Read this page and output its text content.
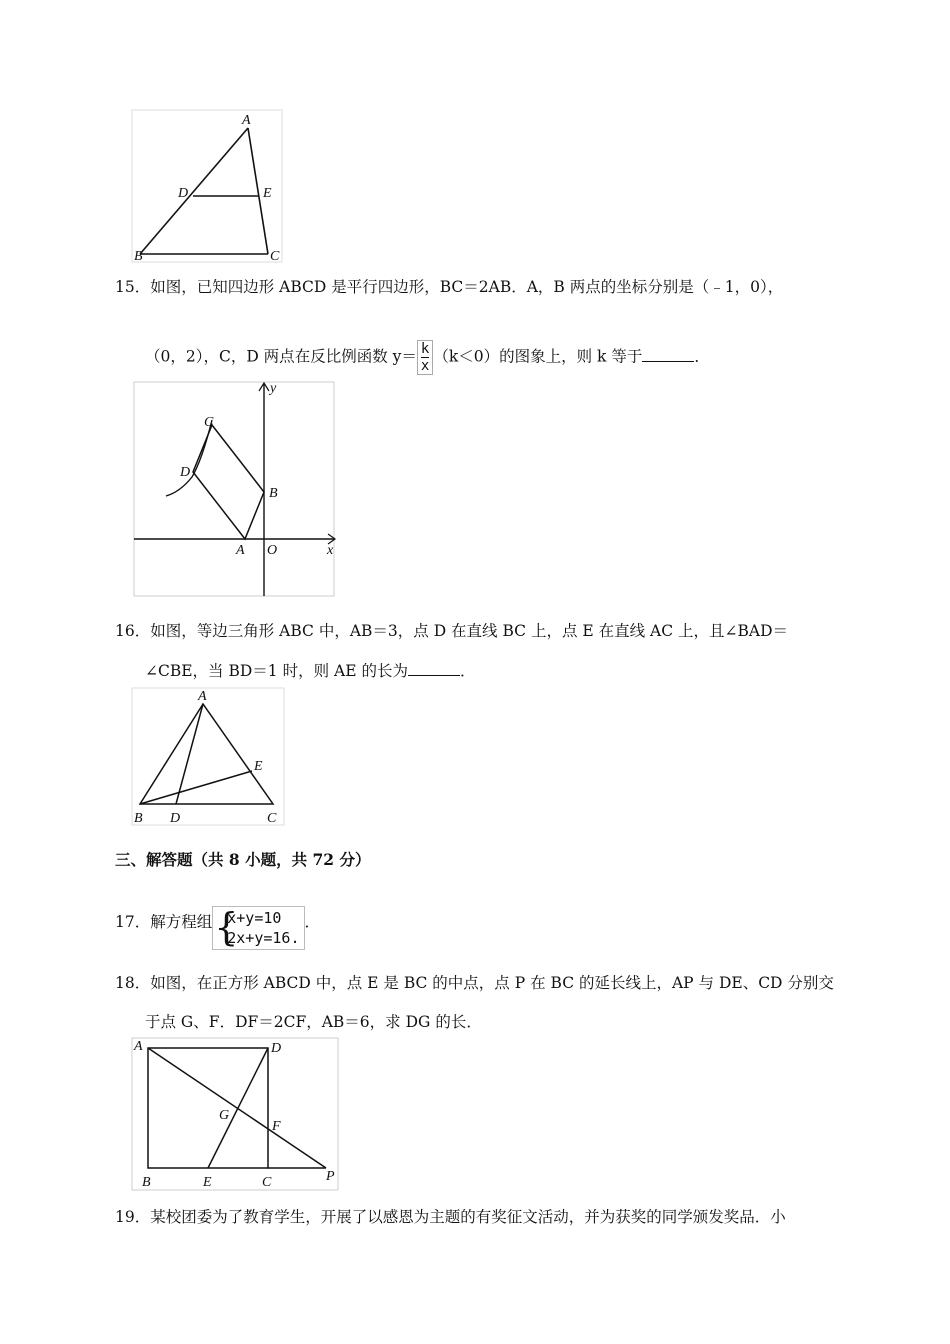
A
D	E
B	C
15．如图，已知四边形 ABCD 是平行四边形，BC＝2AB．A，B 两点的坐标分别是（﹣1，0），
（0，2），C，D 两点在反比例函数 $y= \frac{k}{x} (k<0)$的图象上，则 k 等于	．
y
C
D
B
A O	x
16．如图，等边三角形 ABC 中，AB＝3，点 D 在直线 BC 上，点 E 在直线 AC 上，且∠BAD＝
∠CBE，当 BD＝1 时，则 AE 的长为	．
A
E
B D	C
三、解答题（共 8 小题，共 72 分）
17．解方程组 {
x+y=10
2x+y=16.
．
18．如图，在正方形 ABCD 中，点 E 是 BC 的中点，点 P 在 BC 的延长线上，AP 与 DE、CD 分别交
于点 G、F．DF＝2CF，AB＝6，求 DG 的长．
A	D
G
F
B	E	C	P
19．某校团委为了教育学生，开展了以感恩为主题的有奖征文活动，并为获奖的同学颁发奖品．小
